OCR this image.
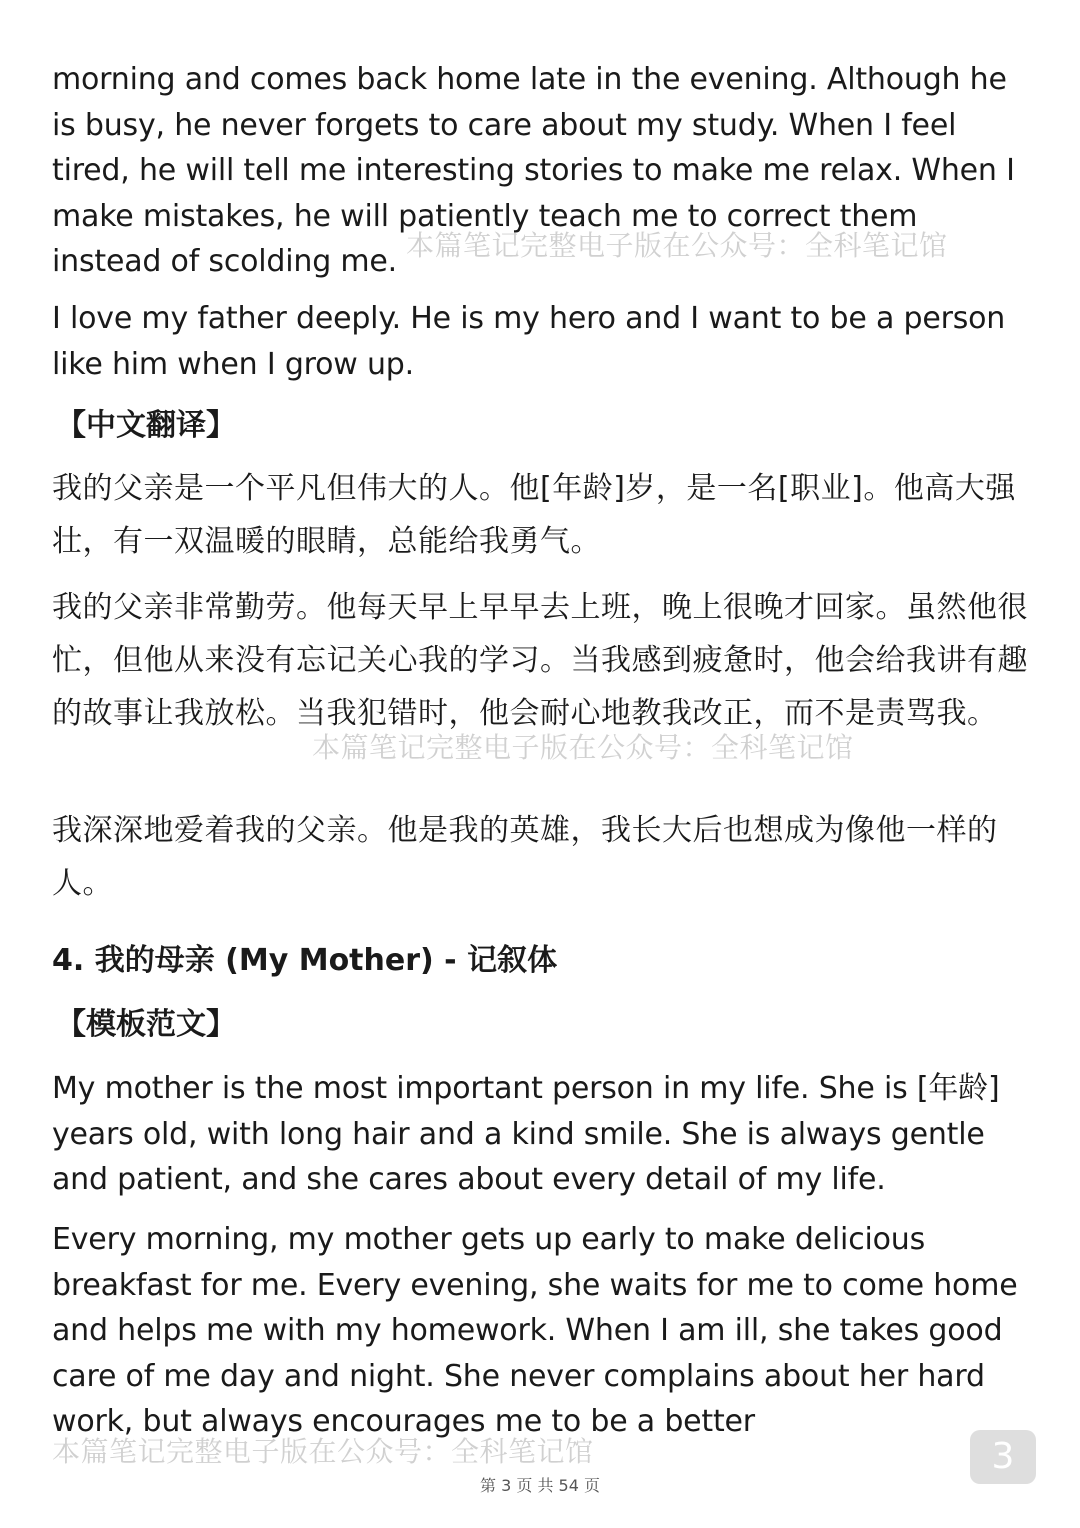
morning and comes back home late in the evening. Although he is busy, he never forgets to care about my study. When I feel tired, he will tell me interesting stories to make me relax. When I make mistakes, he will patiently teach me to correct them instead of scolding me. 本篇笔记完整电子版在公众号：全科笔记馆

I love my father deeply. He is my hero and I want to be a person like him when I grow up.

【中文翻译】

我的父亲是一个平凡但伟大的人。他[年龄]岁，是一名[职业]。他高大强壮，有一双温暖的眼睛，总能给我勇气。

我的父亲非常勤劳。他每天早上早早去上班，晚上很晚才回家。虽然他很忙，但他从来没有忘记关心我的学习。当我感到疲惫时，他会给我讲有趣的故事让我放松。当我犯错时，他会耐心地教我改正，而不是责骂我。

本篇笔记完整电子版在公众号：全科笔记馆

我深深地爱着我的父亲。他是我的英雄，我长大后也想成为像他一样的人。

4. 我的母亲 (My Mother) - 记叙体
【模板范文】

My mother is the most important person in my life. She is [年龄] years old, with long hair and a kind smile. She is always gentle and patient, and she cares about every detail of my life.

Every morning, my mother gets up early to make delicious breakfast for me. Every evening, she waits for me to come home and helps me with my homework. When I am ill, she takes good care of me day and night. She never complains about her hard work, but always encourages me to be a better

本篇笔记完整电子版在公众号：全科笔记馆	3
第 3 页 共 54 页
